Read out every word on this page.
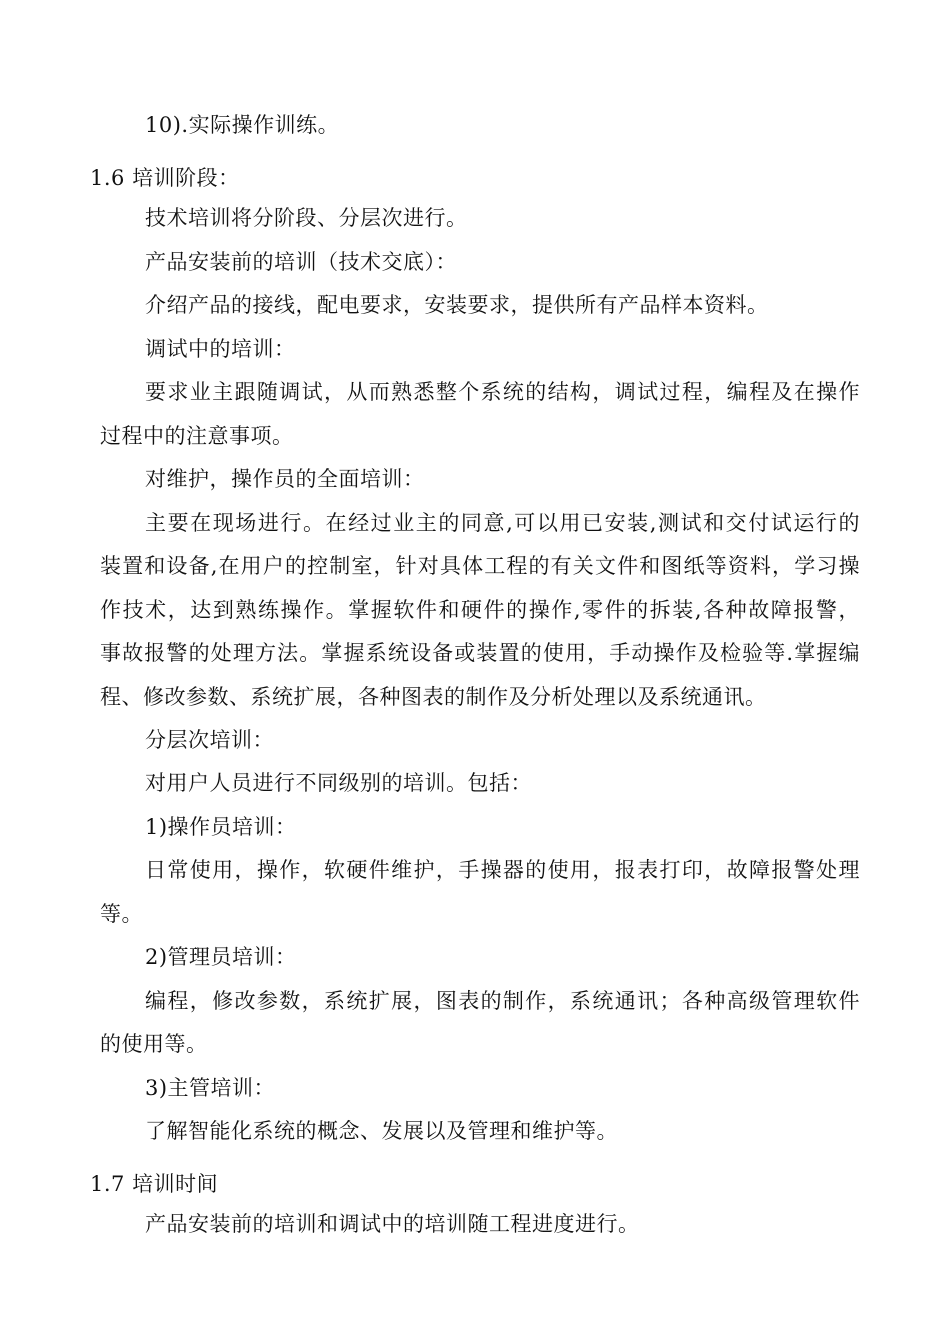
10).实际操作训练。
1.6 培训阶段：
技术培训将分阶段、分层次进行。
产品安装前的培训（技术交底）：
介绍产品的接线，配电要求，安装要求，提供所有产品样本资料。
调试中的培训：
要求业主跟随调试，从而熟悉整个系统的结构，调试过程，编程及在操作
过程中的注意事项。
对维护，操作员的全面培训：
主要在现场进行。在经过业主的同意,可以用已安装,测试和交付试运行的
装置和设备,在用户的控制室，针对具体工程的有关文件和图纸等资料，学习操
作技术，达到熟练操作。掌握软件和硬件的操作,零件的拆装,各种故障报警，
事故报警的处理方法。掌握系统设备或装置的使用，手动操作及检验等.掌握编
程、修改参数、系统扩展，各种图表的制作及分析处理以及系统通讯。
分层次培训：
对用户人员进行不同级别的培训。包括：
1)操作员培训：
日常使用，操作，软硬件维护，手操器的使用，报表打印，故障报警处理
等。
2)管理员培训：
编程，修改参数，系统扩展，图表的制作，系统通讯；各种高级管理软件
的使用等。
3)主管培训：
了解智能化系统的概念、发展以及管理和维护等。
1.7 培训时间
产品安装前的培训和调试中的培训随工程进度进行。
